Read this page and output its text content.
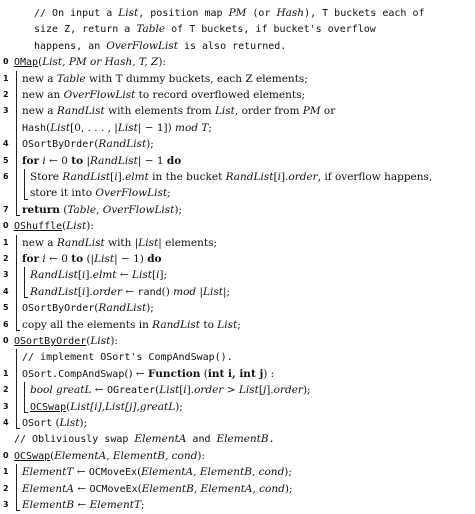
// On input a List, position map PM (or Hash), T buckets each of
size Z, return a Table of T buckets, if bucket's overflow
happens, an OverFlowList is also returned.
0 OMap(List, PM or Hash, T, Z):
1 new a Table with T dummy buckets, each Z elements;
2 new an OverFlowList to record overflowed elements;
3 new a RandList with elements from List, order from PM or
Hash(List[0, . . . , |List| − 1]) mod T;
4 OSortByOrder(RandList);
5 for i ← 0 to |RandList| − 1 do
6 Store RandList[i].elmt in the bucket RandList[i].order, if overflow happens,
store it into OverFlowList;
7 return (Table, OverFlowList);
0 OShuffle(List):
1 new a RandList with |List| elements;
2 for i ← 0 to (|List| − 1) do
3 RandList[i].elmt ← List[i];
4 RandList[i].order ← rand() mod |List|;
5 OSortByOrder(RandList);
6 copy all the elements in RandList to List;
0 OSortByOrder(List):
// implement OSort's CompAndSwap().
1 OSort.CompAndSwap() ← Function (int i, int j) :
2 bool greatL ← OGreater(List[i].order > List[j].order);
3 OCSwap(List[i],List[j],greatL);
4 OSort (List);
// Obliviously swap ElementA and ElementB.
0 OCSwap(ElementA, ElementB, cond):
1 ElementT ← OCMoveEx(ElementA, ElementB, cond);
2 ElementA ← OCMoveEx(ElementB, ElementA, cond);
3 ElementB ← ElementT;
